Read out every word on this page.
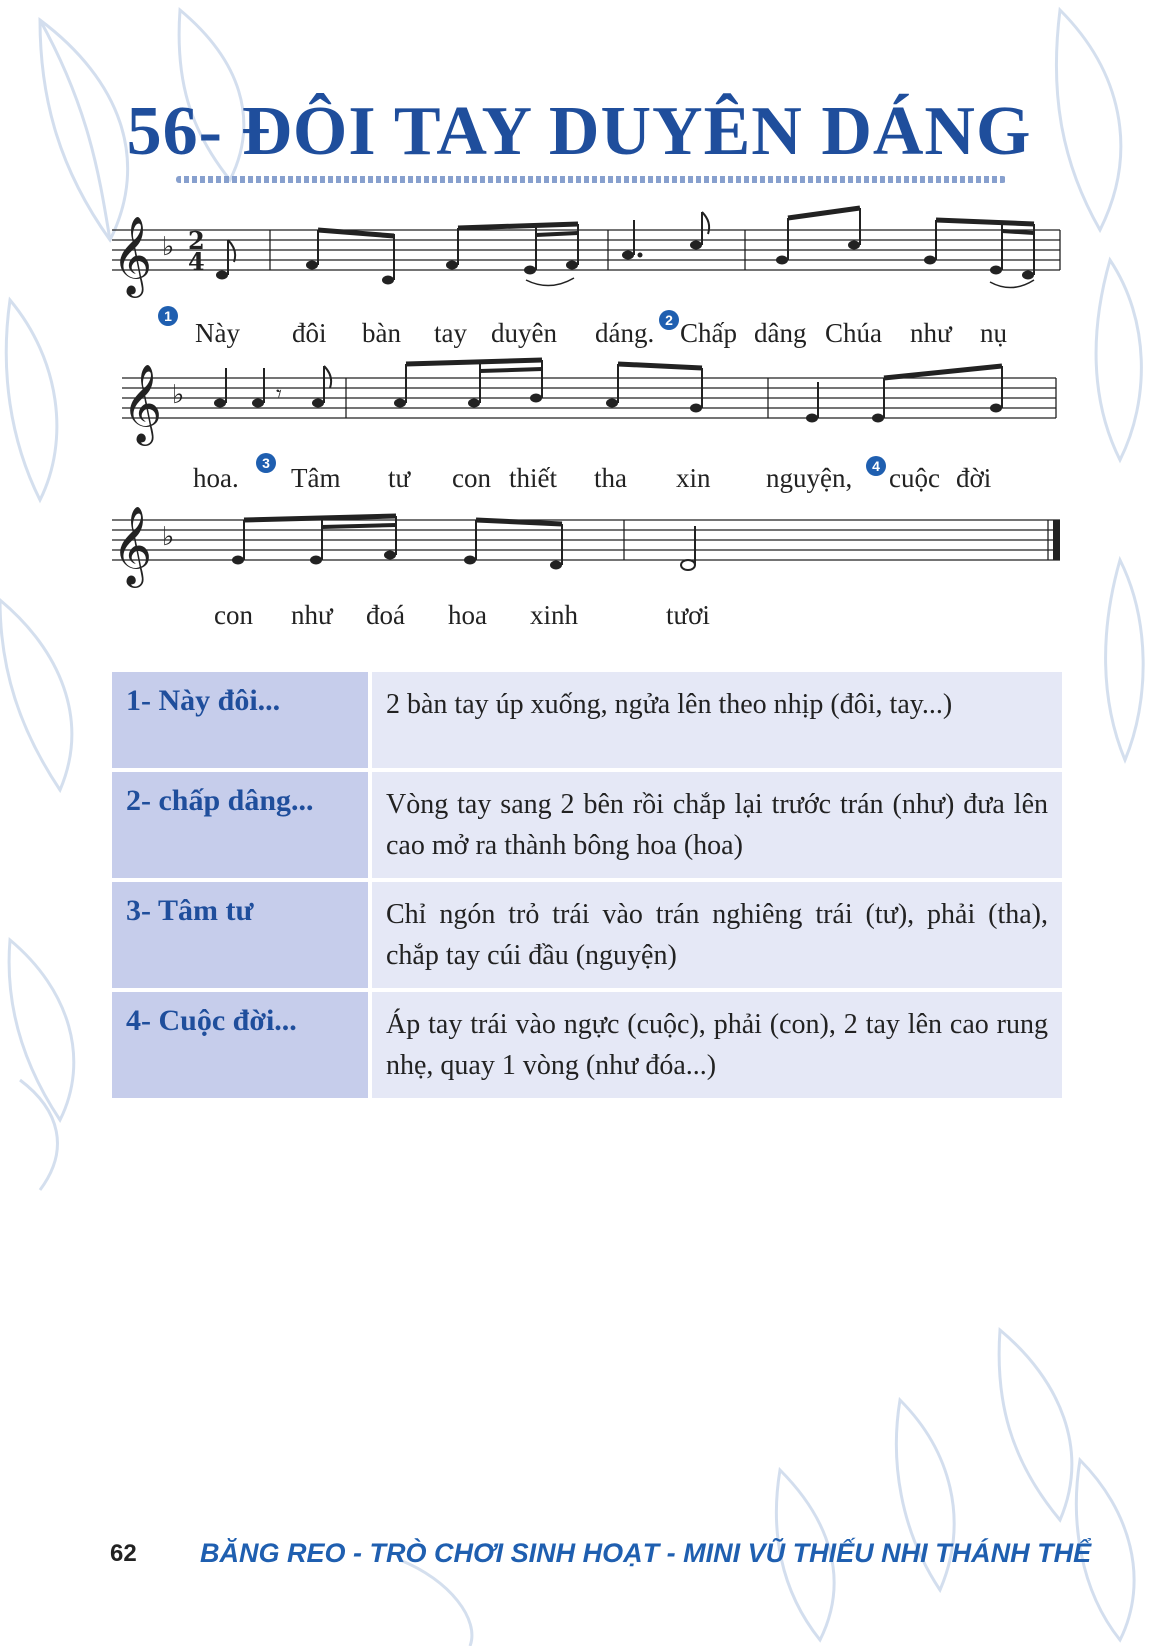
56- ĐÔI TAY DUYÊN DÁNG
𝄞 ♭ 2
4
1	2
Này đôi bàn tay duyên dáng. Chấp dâng Chúa như nụ
𝄞 ♭	𝄾
3	4
hoa. Tâm tư con thiết tha xin nguyện, cuộc đời
𝄞 ♭
con như đoá hoa xinh	tươi
1- Này đôi...	2 bàn tay úp xuống, ngửa lên theo nhịp (đôi, tay...)
2- chấp dâng...	Vòng tay sang 2 bên rồi chắp lại trước trán (như) đưa lên cao mở ra thành bông hoa (hoa)
3- Tâm tư	Chỉ ngón trỏ trái vào trán nghiêng trái (tư), phải (tha), chắp tay cúi đầu (nguyện)
4- Cuộc đời...	Áp tay trái vào ngực (cuộc), phải (con), 2 tay lên cao rung nhẹ, quay 1 vòng (như đóa...)
62 BĂNG REO - TRÒ CHƠI SINH HOẠT - MINI VŨ THIẾU NHI THÁNH THỂ
